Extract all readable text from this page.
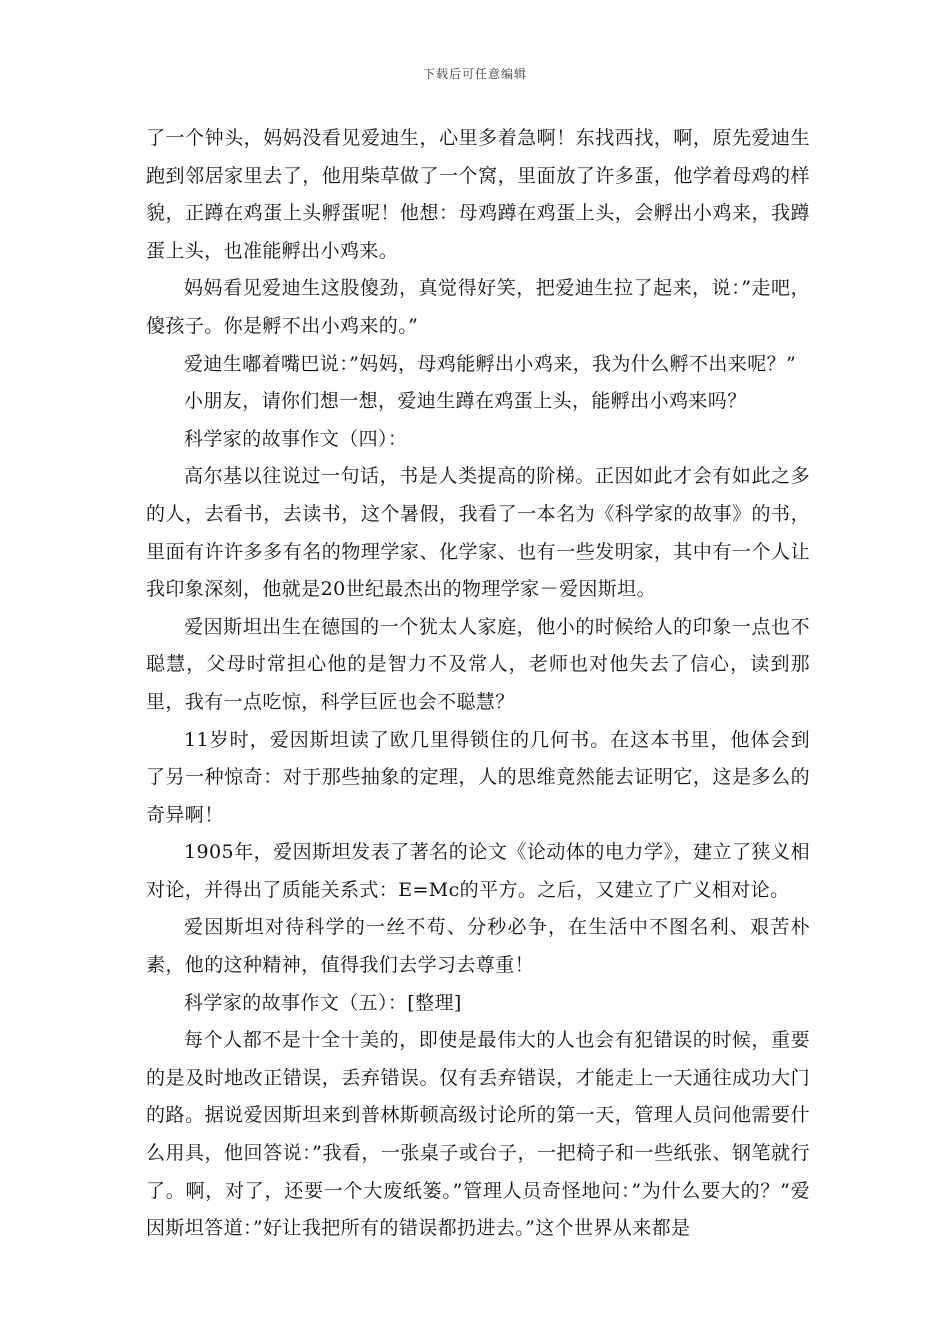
下载后可任意编辑

了一个钟头，妈妈没看见爱迪生，心里多着急啊！东找西找，啊，原先爱迪生跑到邻居家里去了，他用柴草做了一个窝，里面放了许多蛋，他学着母鸡的样貌，正蹲在鸡蛋上头孵蛋呢！他想：母鸡蹲在鸡蛋上头，会孵出小鸡来，我蹲蛋上头，也准能孵出小鸡来。

妈妈看见爱迪生这股傻劲，真觉得好笑，把爱迪生拉了起来，说：”走吧，傻孩子。你是孵不出小鸡来的。”

爱迪生嘟着嘴巴说：”妈妈，母鸡能孵出小鸡来，我为什么孵不出来呢？”

小朋友，请你们想一想，爱迪生蹲在鸡蛋上头，能孵出小鸡来吗？

科学家的故事作文（四）：

高尔基以往说过一句话，书是人类提高的阶梯。正因如此才会有如此之多的人，去看书，去读书，这个暑假，我看了一本名为《科学家的故事》的书，里面有许许多多有名的物理学家、化学家、也有一些发明家，其中有一个人让我印象深刻，他就是20世纪最杰出的物理学家－爱因斯坦。

爱因斯坦出生在德国的一个犹太人家庭，他小的时候给人的印象一点也不聪慧，父母时常担心他的是智力不及常人，老师也对他失去了信心，读到那里，我有一点吃惊，科学巨匠也会不聪慧？

11岁时，爱因斯坦读了欧几里得锁住的几何书。在这本书里，他体会到了另一种惊奇：对于那些抽象的定理，人的思维竟然能去证明它，这是多么的奇异啊！

1905年，爱因斯坦发表了著名的论文《论动体的电力学》，建立了狭义相对论，并得出了质能关系式：E=Mc的平方。之后，又建立了广义相对论。

爱因斯坦对待科学的一丝不苟、分秒必争，在生活中不图名利、艰苦朴素，他的这种精神，值得我们去学习去尊重！

科学家的故事作文（五）：[整理]

每个人都不是十全十美的，即使是最伟大的人也会有犯错误的时候，重要的是及时地改正错误，丢弃错误。仅有丢弃错误，才能走上一天通往成功大门的路。据说爱因斯坦来到普林斯顿高级讨论所的第一天，管理人员问他需要什么用具，他回答说：”我看，一张桌子或台子，一把椅子和一些纸张、钢笔就行了。啊，对了，还要一个大废纸篓。”管理人员奇怪地问：”为什么要大的？”爱因斯坦答道：”好让我把所有的错误都扔进去。”这个世界从来都是
